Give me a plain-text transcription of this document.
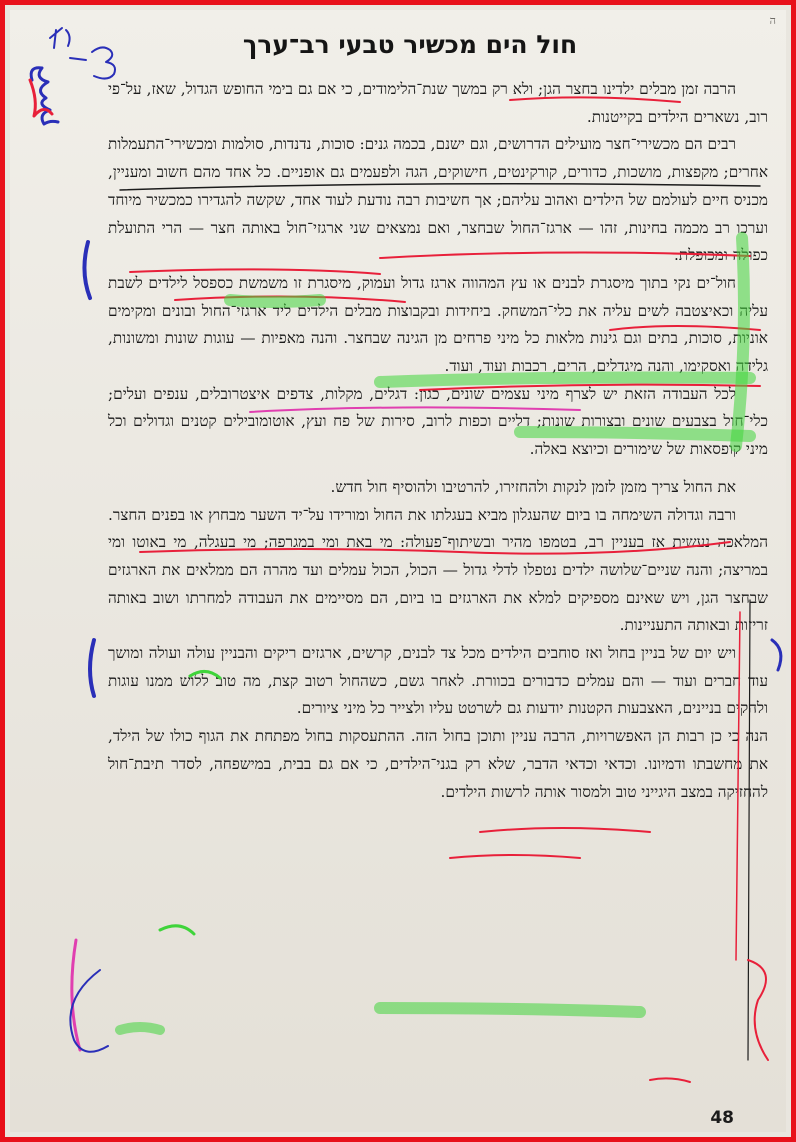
ה
חול הים מכשיר טבעי רב־ערך

הרבה זמן מבלים ילדינו בחצר הגן; ולא רק במשך שנת־הלימודים, כי אם גם בימי החופש הגדול, שאז, על־פי רוב, נשארים הילדים בקייטנות.

רבים הם מכשירי־חצר מועילים הדרושים, וגם ישנם, בכמה גנים: סוכות, נדנדות, סולמות ומכשירי־התעמלות אחרים; מקפצות, מושכות, כדורים, קורקינטים, חישוקים, הגה ולפעמים גם אופניים. כל אחד מהם חשוב ומעניין, מכניס חיים לעולמם של הילדים ואהוב עליהם; אך חשיבות רבה נודעת לעוד אחד, שקשה להגדירו כמכשיר מיוחד וערכו רב מכמה בחינות, זהו — ארגז־החול שבחצר, ואם נמצאים שני ארגזי־חול באותה חצר — הרי התועלת כפולה ומכופלת.

חול־ים נקי בתוך מיסגרת לבנים או עץ המהווה ארגז גדול ועמוק, מיסגרת זו משמשת כספסל לילדים לשבת עליה וכאיצטבה לשים עליה את כלי־המשחק. ביחידות ובקבוצות מבלים הילדים ליד ארגזי־החול ובונים ומקימים אוניות, סוכות, בתים וגם גינות מלאות כל מיני פרחים מן הגינה שבחצר. והנה מאפיות — עוגות שונות ומשונות, גלידה ואסקימו, והנה מיגדלים, הרים, רכבות ועוד, ועוד.

לכל העבודה הזאת יש לצרף מיני עצמים שונים, כגון: דגלים, מקלות, צדפים איצטרובלים, ענפים ועלים; כלי־חול בצבעים שונים ובצורות שונות; דליים וכפות לרוב, סירות של פח ועץ, אוטומובילים קטנים וגדולים וכל מיני קופסאות של שימורים וכיוצא באלה.

את החול צריך מזמן לזמן לנקות ולהחזירו, להרטיבו ולהוסיף חול חדש.

ורבה וגדולה השימחה בו ביום שהעגלון מביא בעגלתו את החול ומורידו על־יד השער מבחוץ או בפנים החצר. המלאכה נעשית אז בעניין רב, בטמפו מהיר ובשיתוף־פעולה: מי באת ומי במגרפה; מי בעגלה, מי באוטו ומי במריצה; והנה שניים־שלושה ילדים נטפלו לדלי גדול — הכול, הכול עמלים ועד מהרה הם ממלאים את הארגזים שבחצר הגן, ויש שאינם מספיקים למלא את הארגזים בו ביום, הם מסיימים את העבודה למחרתו ושוב באותה זריזות ובאותה התעניינות.

ויש יום של בניין בחול ואז סוחבים הילדים מכל צד לבנים, קרשים, ארגזים ריקים והבניין עולה ועולה ומושך עוד חברים ועוד — והם עמלים כדבורים בכוורת. לאחר גשם, כשהחול רטוב קצת, מה טוב ללוש ממנו עוגות ולהקים בניינים, האצבעות הקטנות יודעות גם לשרטט עליו ולצייר כל מיני ציורים.

הנה כי כן רבות הן האפשרויות, הרבה עניין ותוכן בחול הזה. ההתעסקות בחול מפתחת את הגוף כולו של הילד, את מחשבתו ודמיונו. וכדאי וכדאי הדבר, שלא רק בגני־הילדים, כי אם גם בבית, במישפחה, לסדר תיבת־חול להחזיקה במצב היגייני טוב ולמסור אותה לרשות הילדים.

48
